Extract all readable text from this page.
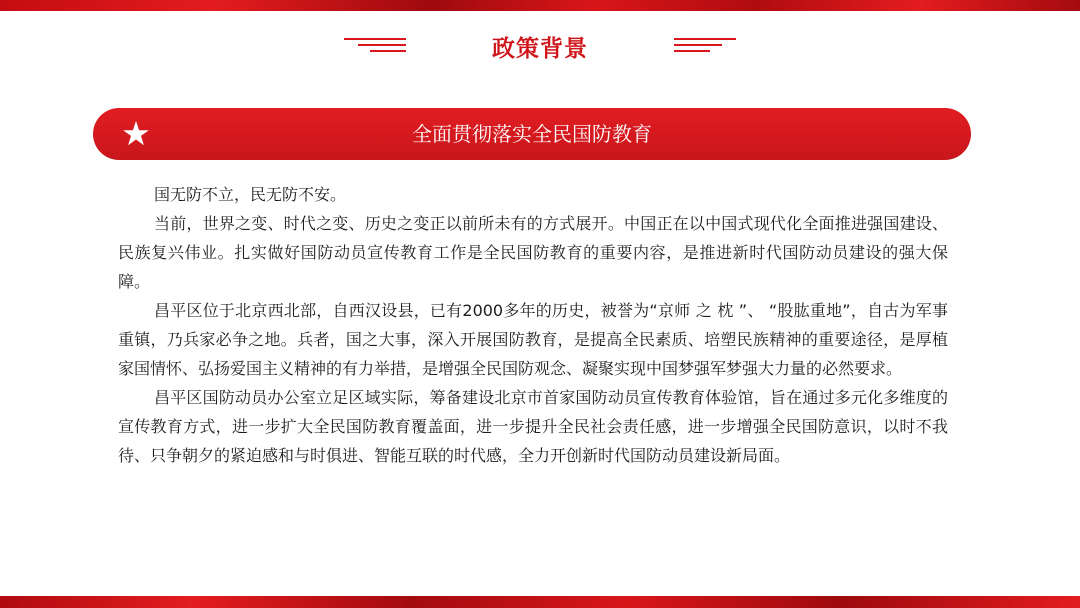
政策背景
全面贯彻落实全民国防教育

国无防不立，民无防不安。

当前，世界之变、时代之变、历史之变正以前所未有的方式展开。中国正在以中国式现代化全面推进强国建设、民族复兴伟业。扎实做好国防动员宣传教育工作是全民国防教育的重要内容，是推进新时代国防动员建设的强大保障。

昌平区位于北京西北部，自西汉设县，已有2000多年的历史，被誉为“京师 之 枕 ”、 “股肱重地”，自古为军事重镇，乃兵家必争之地。兵者，国之大事，深入开展国防教育，是提高全民素质、培塑民族精神的重要途径，是厚植家国情怀、弘扬爱国主义精神的有力举措，是增强全民国防观念、凝聚实现中国梦强军梦强大力量的必然要求。

昌平区国防动员办公室立足区域实际，筹备建设北京市首家国防动员宣传教育体验馆，旨在通过多元化多维度的宣传教育方式，进一步扩大全民国防教育覆盖面，进一步提升全民社会责任感，进一步增强全民国防意识，以时不我待、只争朝夕的紧迫感和与时俱进、智能互联的时代感，全力开创新时代国防动员建设新局面。
